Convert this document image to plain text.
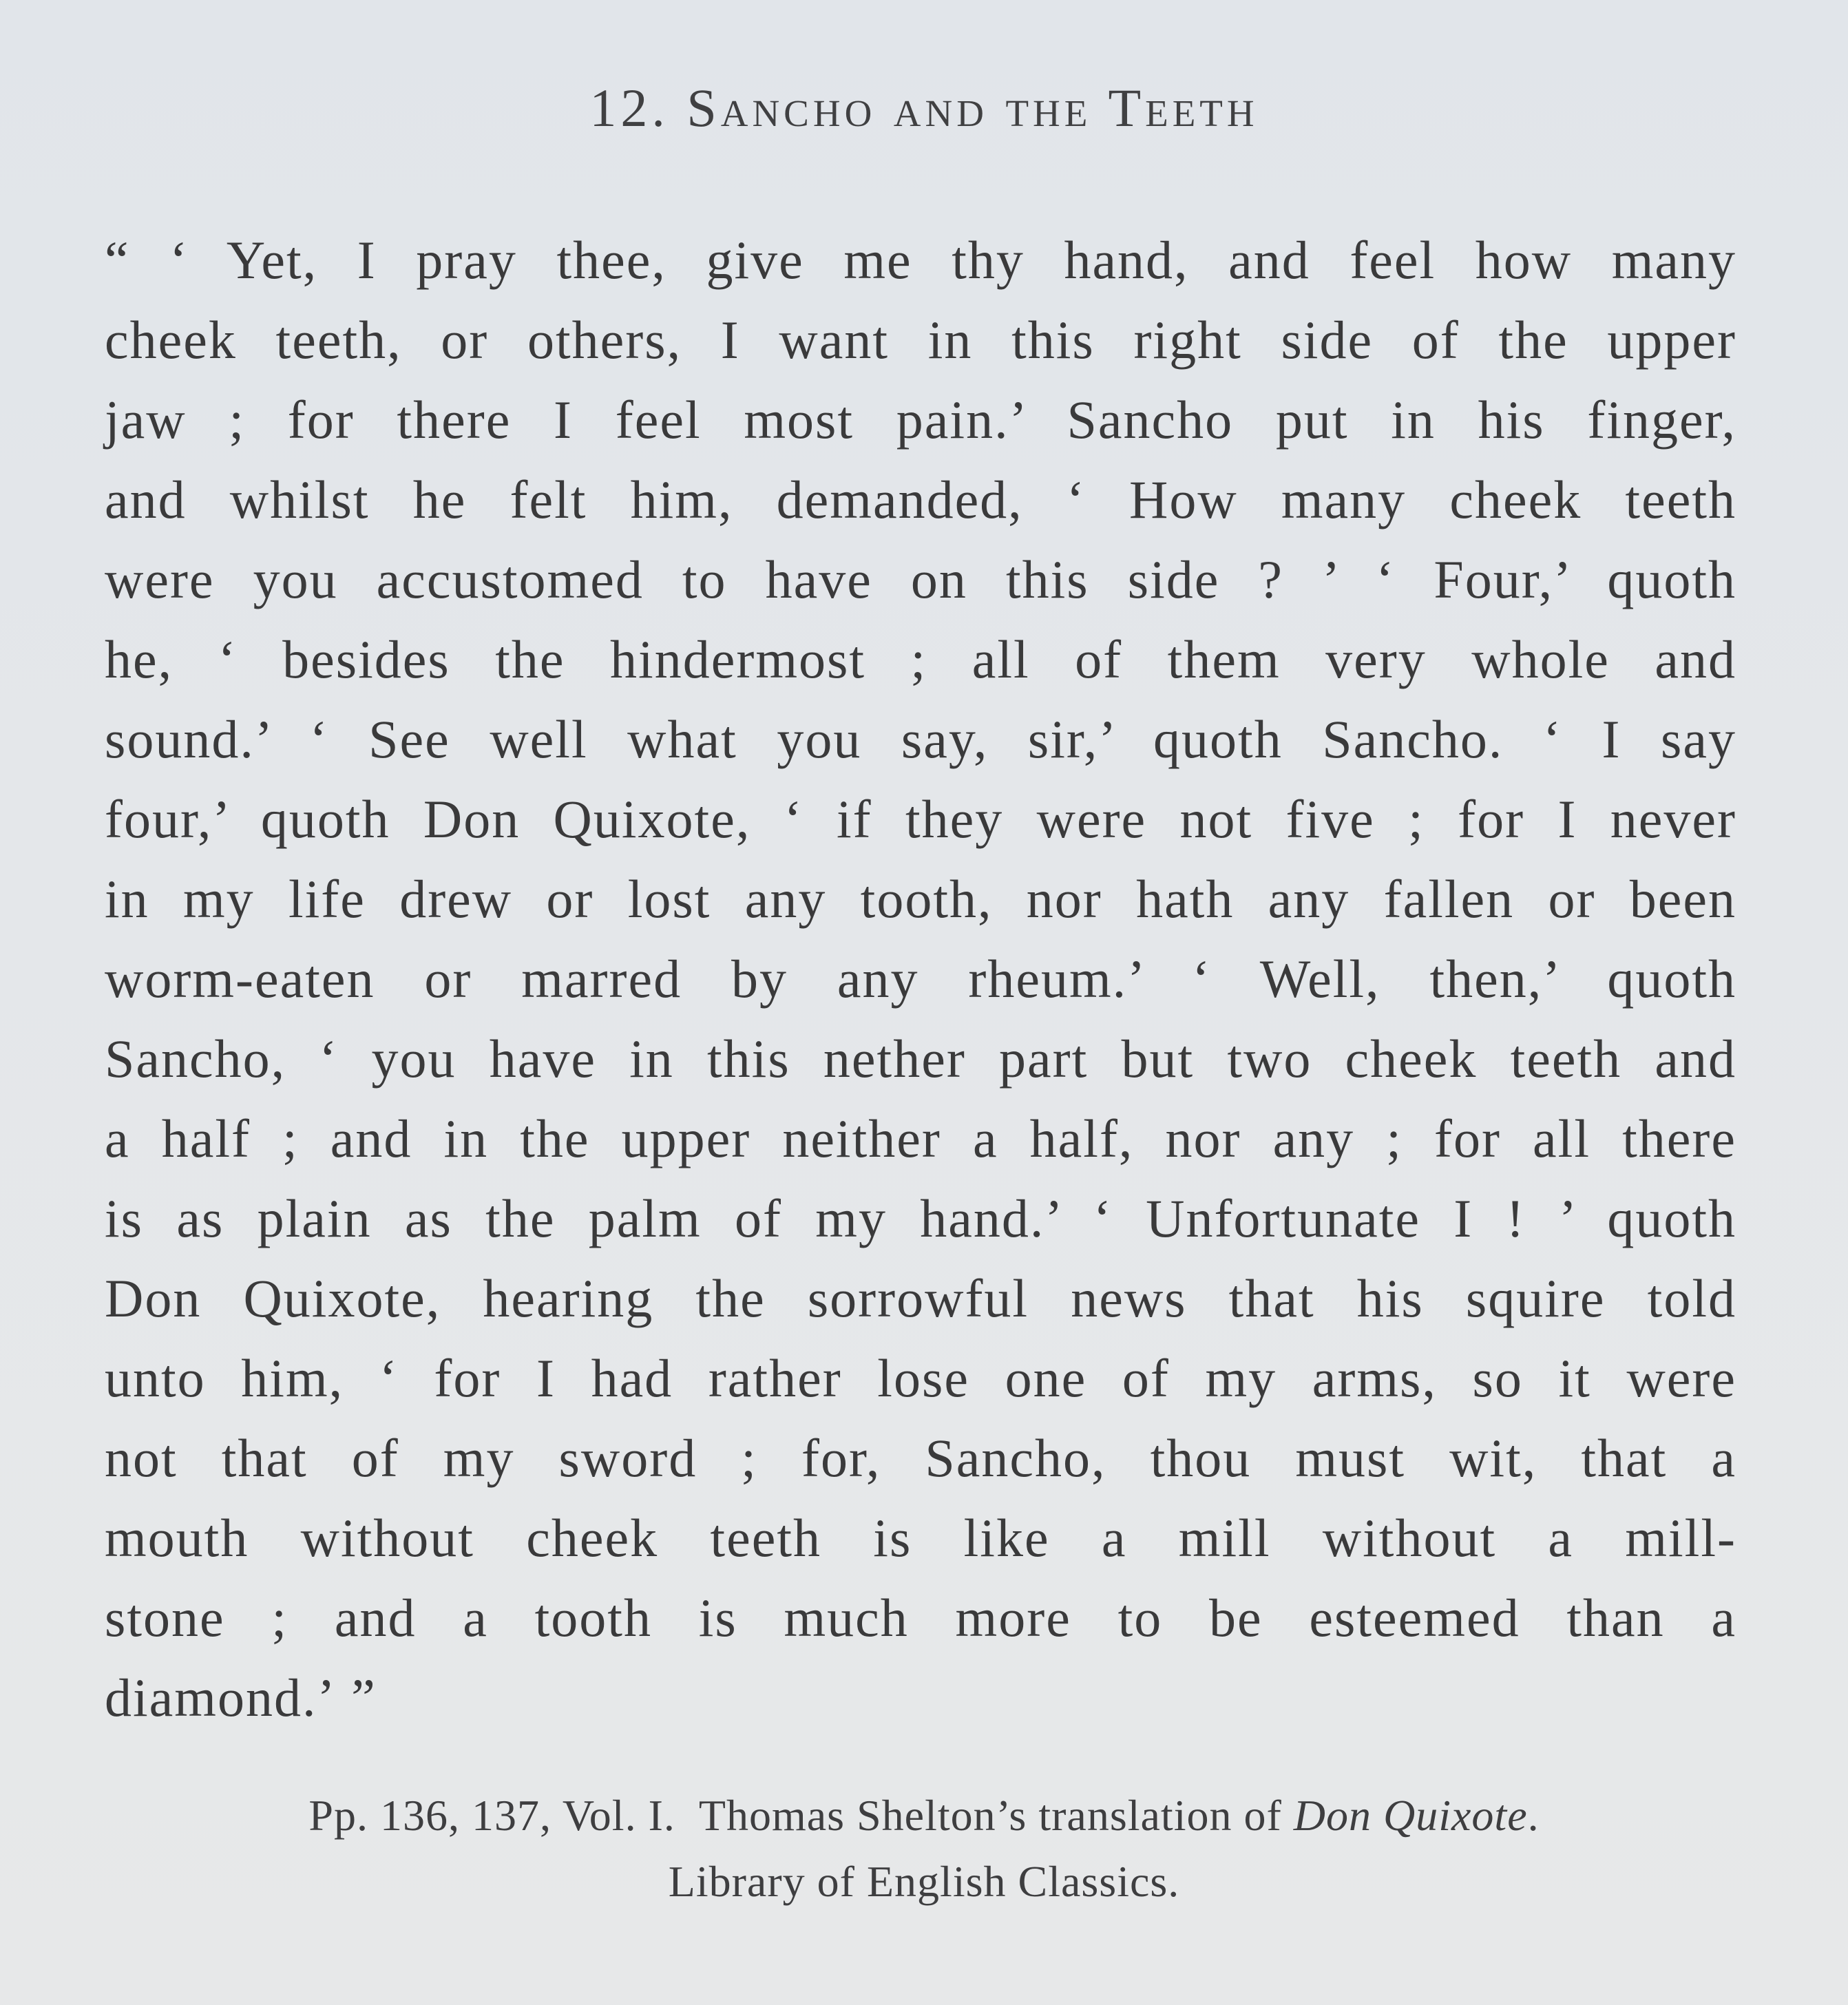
12. Sancho and the Teeth
“ ‘ Yet, I pray thee, give me thy hand, and feel how many
cheek teeth, or others, I want in this right side of the upper
jaw ; for there I feel most pain.’ Sancho put in his finger,
and whilst he felt him, demanded, ‘ How many cheek teeth
were you accustomed to have on this side ? ’ ‘ Four,’ quoth
he, ‘ besides the hindermost ; all of them very whole and
sound.’ ‘ See well what you say, sir,’ quoth Sancho. ‘ I say
four,’ quoth Don Quixote, ‘ if they were not five ; for I never
in my life drew or lost any tooth, nor hath any fallen or been
worm-eaten or marred by any rheum.’ ‘ Well, then,’ quoth
Sancho, ‘ you have in this nether part but two cheek teeth and
a half ; and in the upper neither a half, nor any ; for all there
is as plain as the palm of my hand.’ ‘ Unfortunate I ! ’ quoth
Don Quixote, hearing the sorrowful news that his squire told
unto him, ‘ for I had rather lose one of my arms, so it were
not that of my sword ; for, Sancho, thou must wit, that a
mouth without cheek teeth is like a mill without a mill-
stone ; and a tooth is much more to be esteemed than a
diamond.’ ”

Pp. 136, 137, Vol. I. Thomas Shelton’s translation of Don Quixote.

Library of English Classics.
